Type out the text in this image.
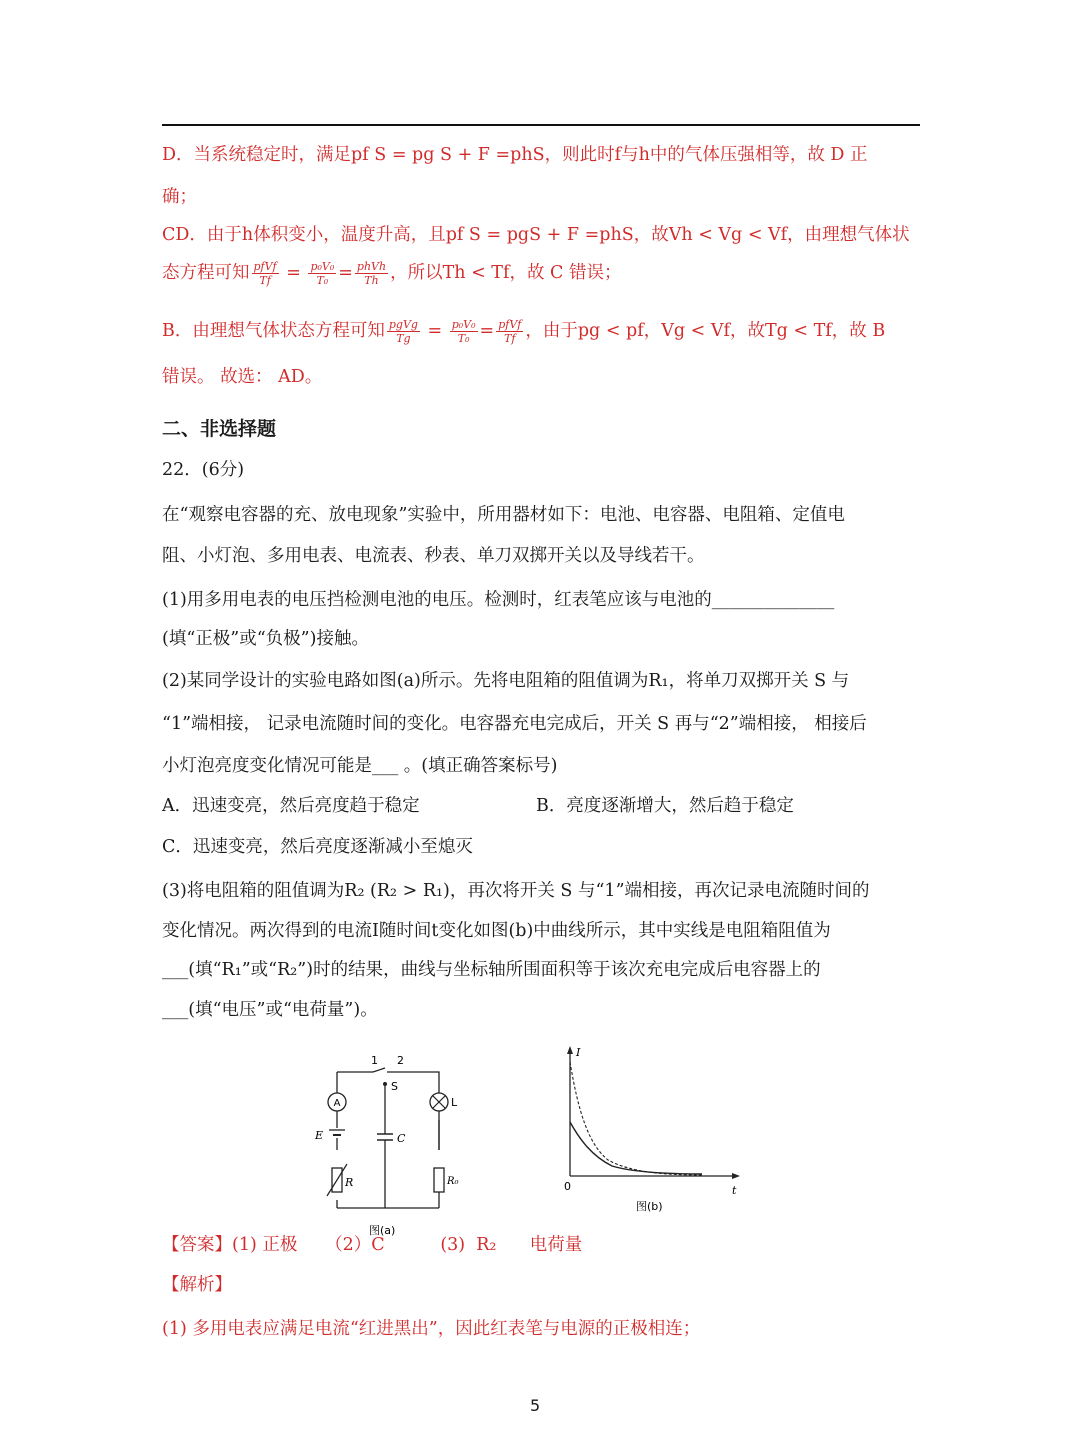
D．当系统稳定时，满足pf S = pg S + F =phS，则此时f与h中的气体压强相等，故 D 正
确；
CD．由于h体积变小，温度升高，且pf S = pgS + F =phS，故Vh < Vg < Vf，由理想气体状
态方程可知 $\frac{\text{pfVf}}{Tf} = \frac{\text{p₀V₀}}{\text{T₀}} = \frac{\text{phVh}}{Th}$ ，所以Th < Tf，故 C 错误；
B．由理想气体状态方程可知 $\frac{\text{pgVg}}{Tg} = \frac{\text{p₀V₀}}{\text{T₀}} = \frac{\text{pfVf}}{Tf}$ ，由于pg < pf，Vg < Vf，故Tg < Tf，故 B
错误。 故选： AD。
二、非选择题
22．(6分)
在“观察电容器的充、放电现象”实验中，所用器材如下：电池、电容器、电阻箱、定值电
阻、小灯泡、多用电表、电流表、秒表、单刀双掷开关以及导线若干。
(1)用多用电表的电压挡检测电池的电压。检测时，红表笔应该与电池的______________
(填“正极”或“负极”)接触。
(2)某同学设计的实验电路如图(a)所示。先将电阻箱的阻值调为R₁，将单刀双掷开关 S 与
“1”端相接， 记录电流随时间的变化。电容器充电完成后，开关 S 再与“2”端相接， 相接后
小灯泡亮度变化情况可能是___ 。(填正确答案标号)
A．迅速变亮，然后亮度趋于稳定	B．亮度逐渐增大，然后趋于稳定
C．迅速变亮，然后亮度逐渐减小至熄灭
(3)将电阻箱的阻值调为R₂ (R₂ > R₁)，再次将开关 S 与“1”端相接，再次记录电流随时间的
变化情况。两次得到的电流I随时间t变化如图(b)中曲线所示，其中实线是电阻箱阻值为
___(填“R₁”或“R₂”)时的结果，曲线与坐标轴所围面积等于该次充电完成后电容器上的
___(填“电压”或“电荷量”)。
A
E
R
S
1 2
C
L
R₀
图(a)
I
t
0
图(b)
【答案】(1) 正极     （2）C          (3)  R₂      电荷量
【解析】
(1) 多用电表应满足电流“红进黑出”，因此红表笔与电源的正极相连；
5
